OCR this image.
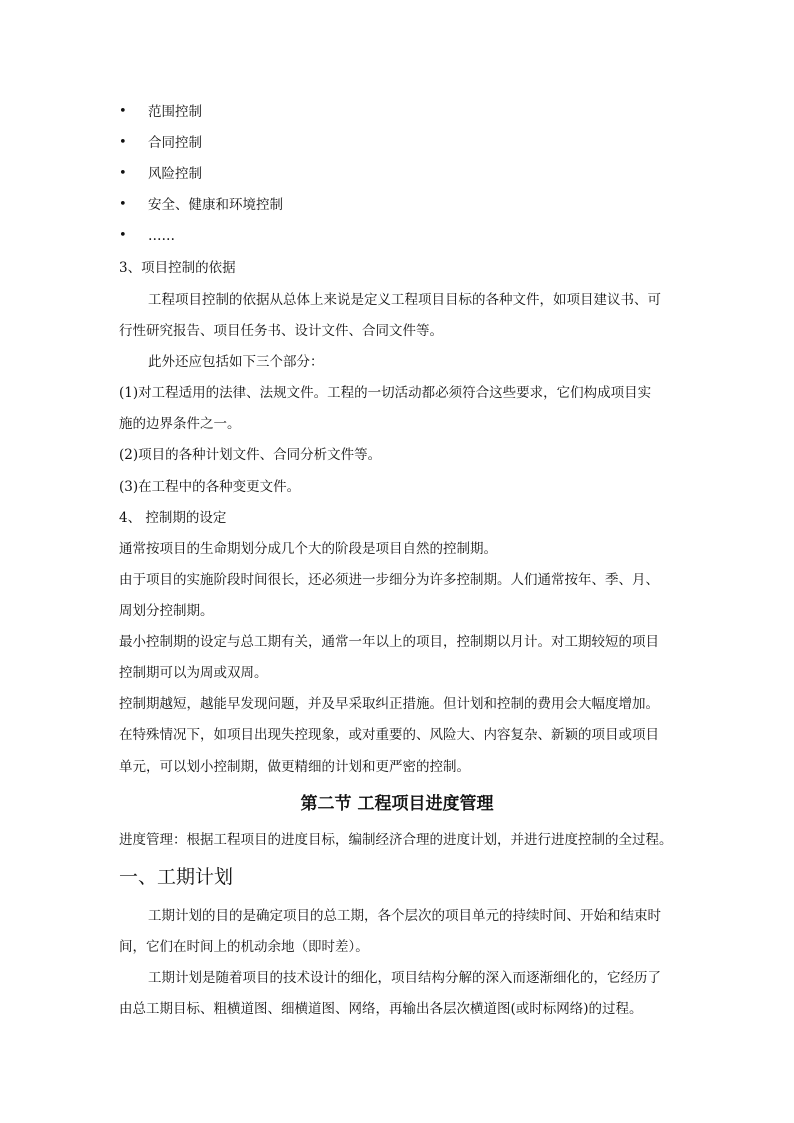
• 范围控制
• 合同控制
• 风险控制
• 安全、健康和环境控制
• ……
3、项目控制的依据
工程项目控制的依据从总体上来说是定义工程项目目标的各种文件，如项目建议书、可
行性研究报告、项目任务书、设计文件、合同文件等。
此外还应包括如下三个部分：
(1)对工程适用的法律、法规文件。工程的一切活动都必须符合这些要求，它们构成项目实
施的边界条件之一。
(2)项目的各种计划文件、合同分析文件等。
(3)在工程中的各种变更文件。
4、 控制期的设定
通常按项目的生命期划分成几个大的阶段是项目自然的控制期。
由于项目的实施阶段时间很长，还必须进一步细分为许多控制期。人们通常按年、季、月、
周划分控制期。
最小控制期的设定与总工期有关，通常一年以上的项目，控制期以月计。对工期较短的项目
控制期可以为周或双周。
控制期越短，越能早发现问题，并及早采取纠正措施。但计划和控制的费用会大幅度增加。
在特殊情况下，如项目出现失控现象，或对重要的、风险大、内容复杂、新颖的项目或项目
单元，可以划小控制期，做更精细的计划和更严密的控制。
第二节 工程项目进度管理
进度管理：根据工程项目的进度目标，编制经济合理的进度计划，并进行进度控制的全过程。
一、工期计划
工期计划的目的是确定项目的总工期，各个层次的项目单元的持续时间、开始和结束时
间，它们在时间上的机动余地（即时差）。
工期计划是随着项目的技术设计的细化，项目结构分解的深入而逐渐细化的，它经历了
由总工期目标、粗横道图、细横道图、网络，再输出各层次横道图(或时标网络)的过程。
